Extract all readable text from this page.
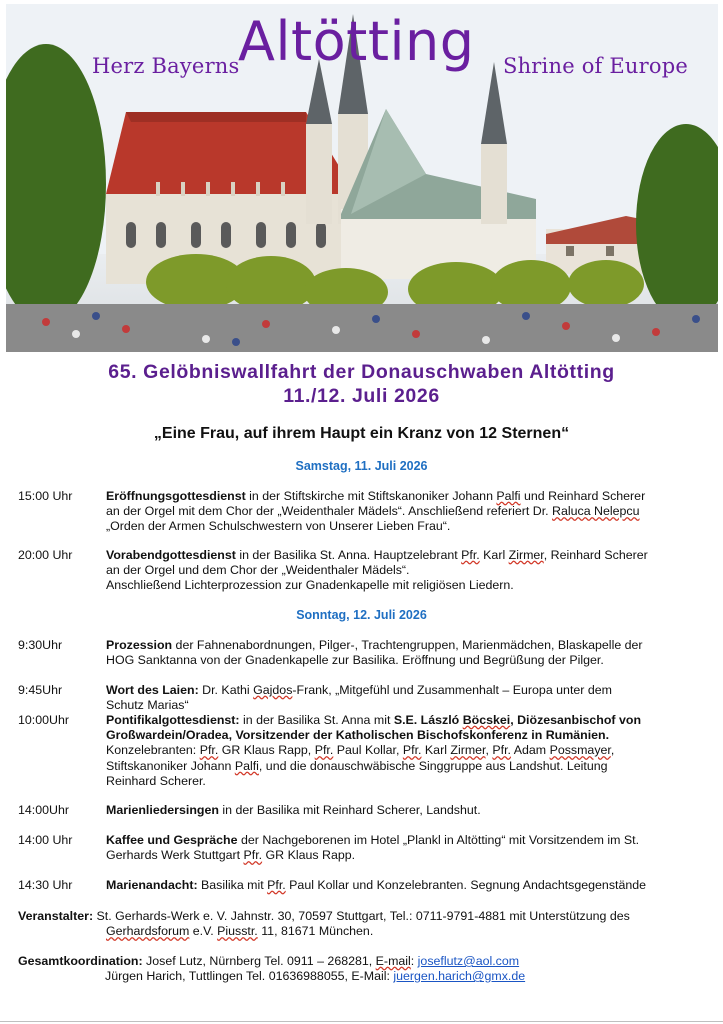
Herz Bayerns
Altötting Shrine of Europe
65. Gelöbniswallfahrt der Donauschwaben Altötting
11./12. Juli 2026
„Eine Frau, auf ihrem Haupt ein Kranz von 12 Sternen“
Samstag, 11. Juli 2026
15:00 Uhr	Eröffnungsgottesdienst in der Stiftskirche mit Stiftskanoniker Johann Palfi und Reinhard Scherer
an der Orgel mit dem Chor der „Weidenthaler Mädels“. Anschließend referiert Dr. Raluca Nelepcu
„Orden der Armen Schulschwestern von Unserer Lieben Frau“.
20:00 Uhr	Vorabendgottesdienst in der Basilika St. Anna. Hauptzelebrant Pfr. Karl Zirmer, Reinhard Scherer
an der Orgel und dem Chor der „Weidenthaler Mädels“.
Anschließend Lichterprozession zur Gnadenkapelle mit religiösen Liedern.
Sonntag, 12. Juli 2026
9:30Uhr	Prozession der Fahnenabordnungen, Pilger-, Trachtengruppen, Marienmädchen, Blaskapelle der
HOG Sanktanna von der Gnadenkapelle zur Basilika. Eröffnung und Begrüßung der Pilger.
9:45Uhr	Wort des Laien: Dr. Kathi Gajdos-Frank, „Mitgefühl und Zusammenhalt – Europa unter dem
Schutz Marias“
10:00Uhr	Pontifikalgottesdienst: in der Basilika St. Anna mit S.E. László Böcskei, Diözesanbischof von
Großwardein/Oradea, Vorsitzender der Katholischen Bischofskonferenz in Rumänien.
Konzelebranten: Pfr. GR Klaus Rapp, Pfr. Paul Kollar, Pfr. Karl Zirmer, Pfr. Adam Possmayer,
Stiftskanoniker Johann Palfi, und die donauschwäbische Singgruppe aus Landshut. Leitung
Reinhard Scherer.
14:00Uhr	Marienliedersingen in der Basilika mit Reinhard Scherer, Landshut.
14:00 Uhr	Kaffee und Gespräche der Nachgeborenen im Hotel „Plankl in Altötting“ mit Vorsitzendem im St.
Gerhards Werk Stuttgart Pfr. GR Klaus Rapp.
14:30 Uhr	Marienandacht: Basilika mit Pfr. Paul Kollar und Konzelebranten. Segnung Andachtsgegenstände
Veranstalter: St. Gerhards-Werk e. V. Jahnstr. 30, 70597 Stuttgart, Tel.: 0711-9791-4881 mit Unterstützung des
Gerhardsforum e.V. Piusstr. 11, 81671 München.
Gesamtkoordination: Josef Lutz, Nürnberg Tel. 0911 – 268281, E-mail: joseflutz@aol.com
Jürgen Harich, Tuttlingen Tel. 01636988055, E-Mail: juergen.harich@gmx.de
